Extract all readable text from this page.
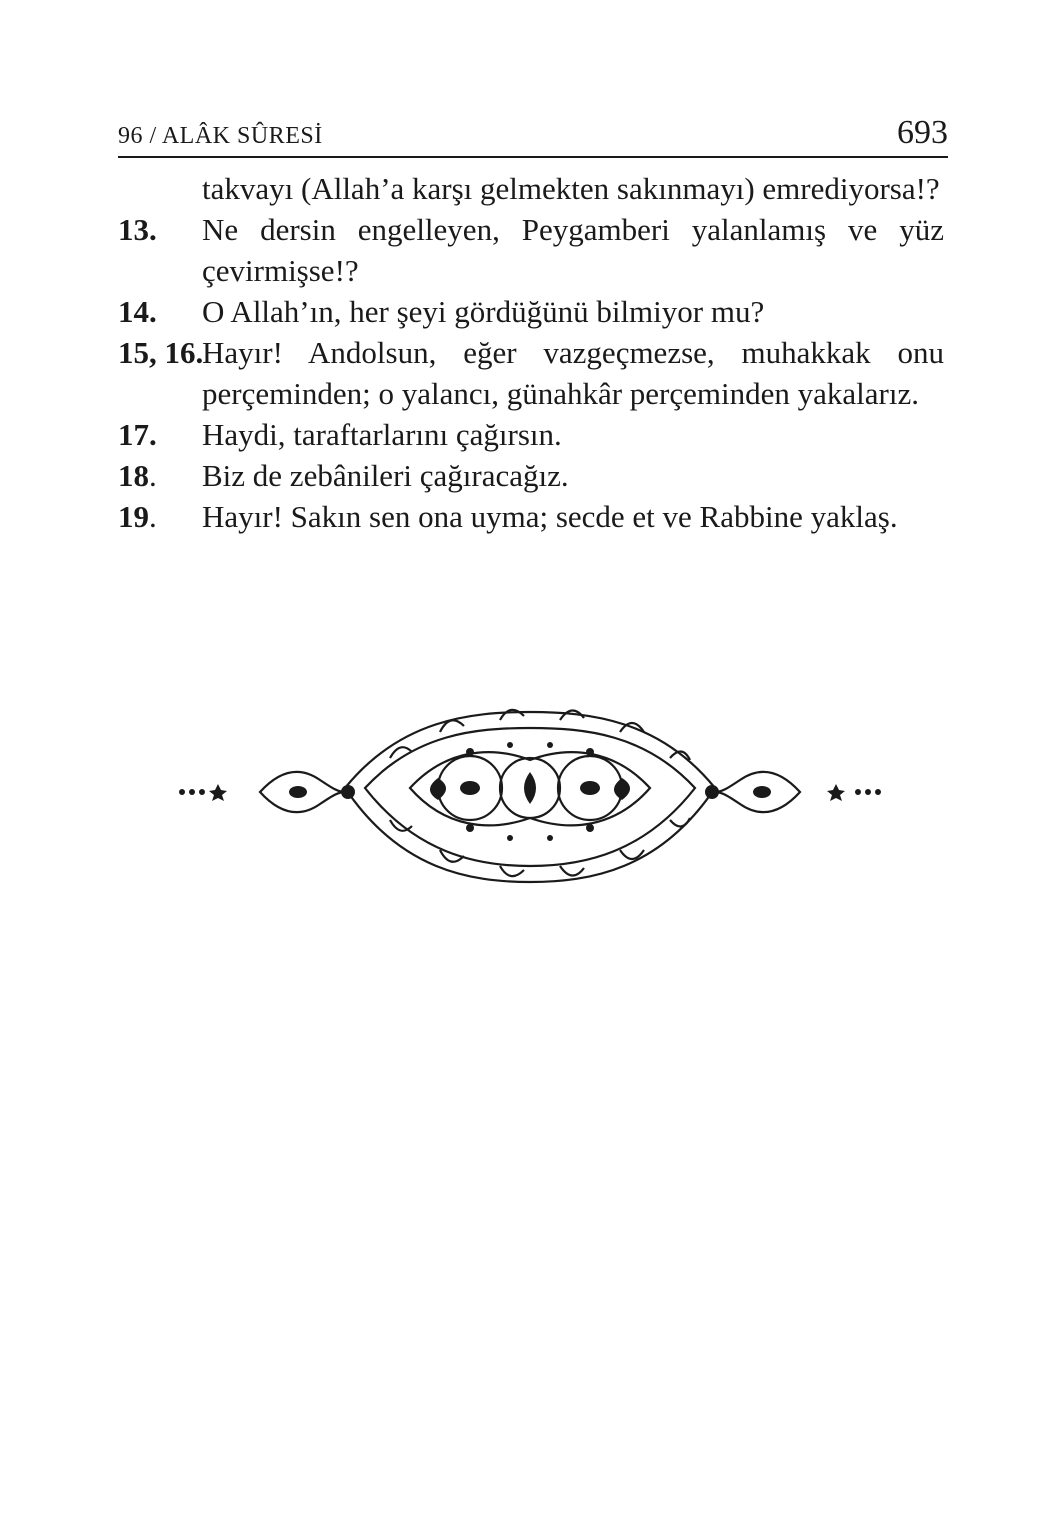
96 / ALÂK SÛRESİ	693
takvayı (Allah’a karşı gelmekten sakınmayı) emrediyorsa!?
13. Ne dersin engelleyen, Peygamberi yalanlamış ve yüz çevirmişse!?
14. O Allah’ın, her şeyi gördüğünü bilmiyor mu?
15, 16.
Hayır! Andolsun, eğer vazgeçmezse, muhakkak onu perçeminden; o yalancı, günahkâr perçeminden yakalarız.
17. Haydi, taraftarlarını çağırsın.
18. Biz de zebânileri çağıracağız.
19. Hayır! Sakın sen ona uyma; secde et ve Rabbine yaklaş.
